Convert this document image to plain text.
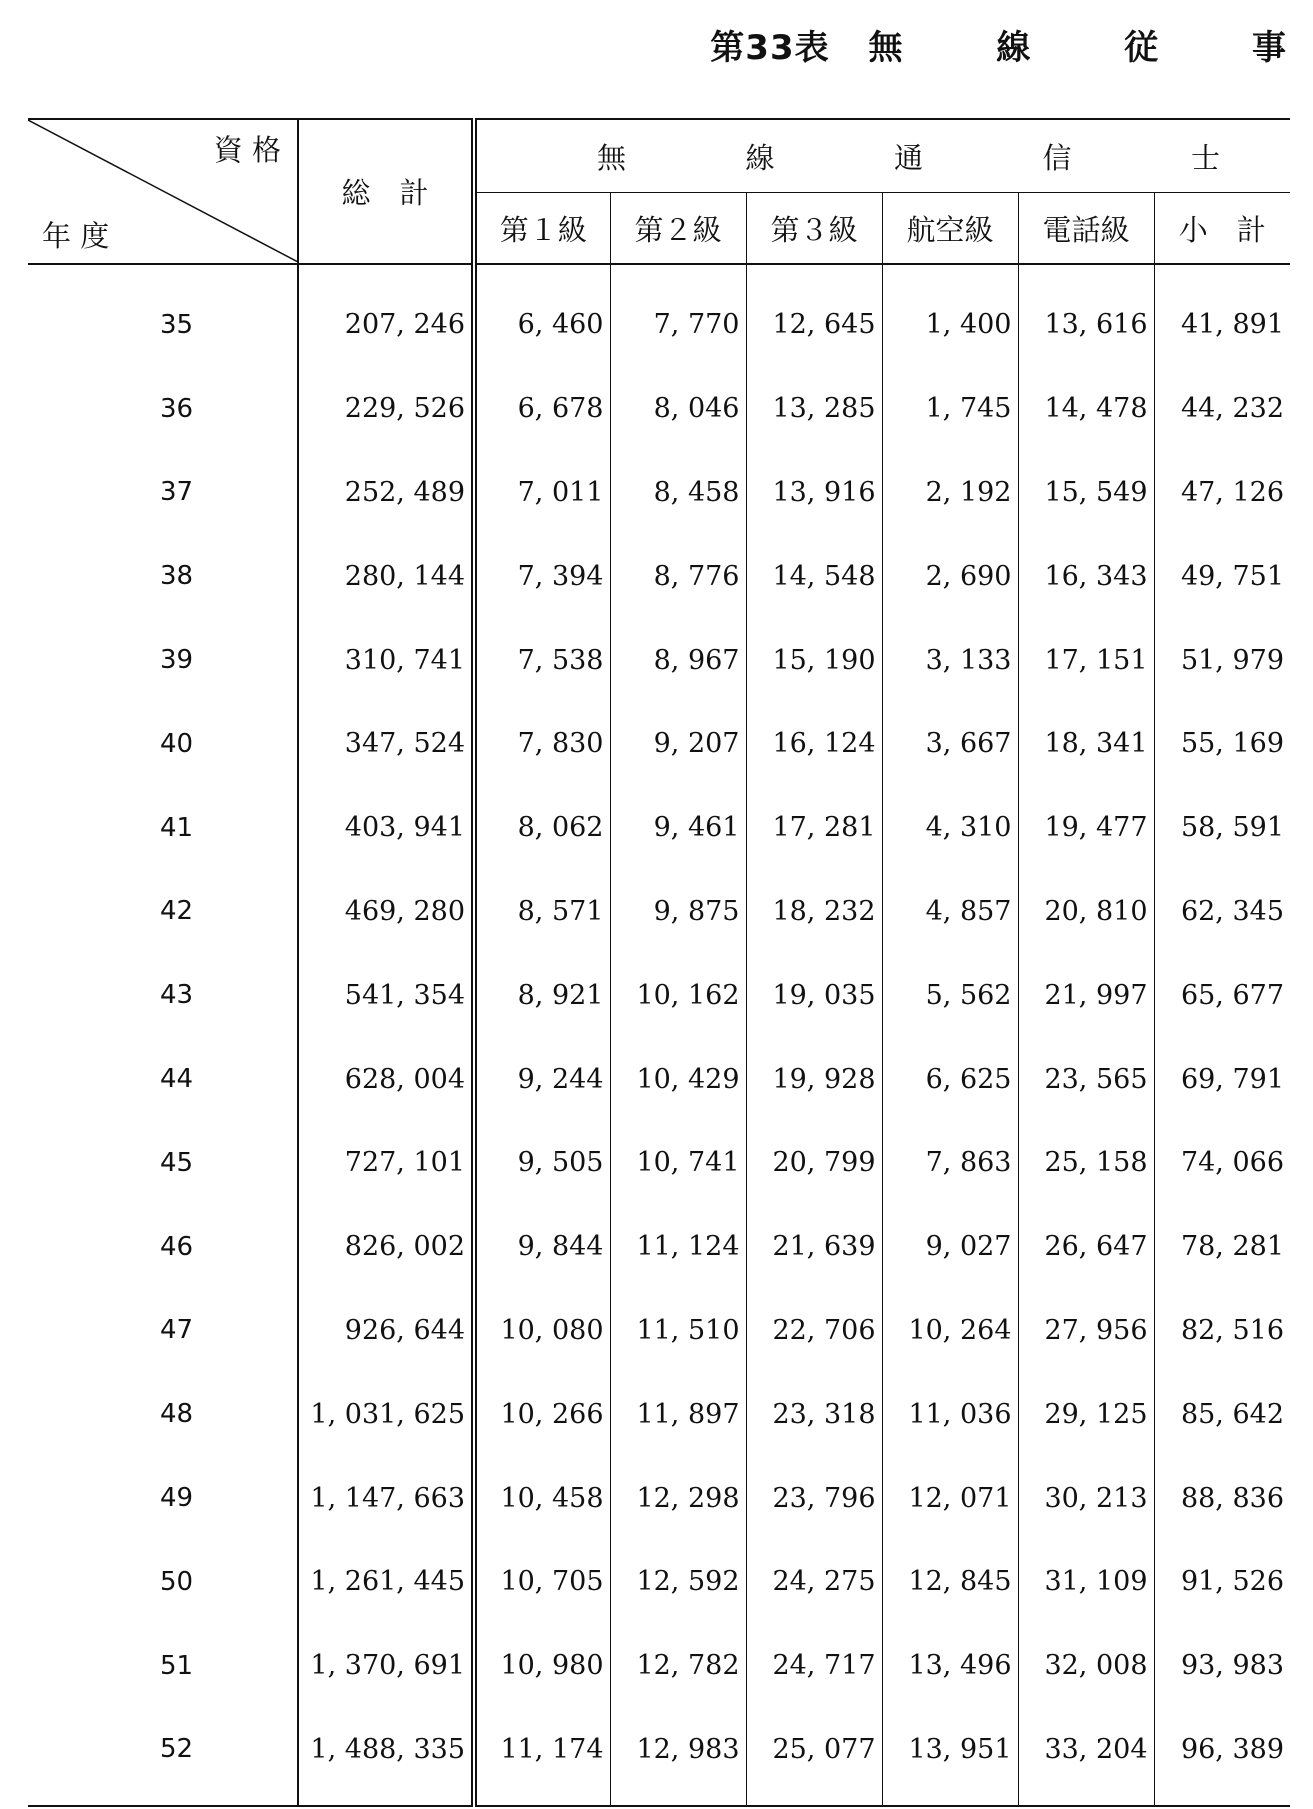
第33表 無	線	従	事
資 格
年 度	総　計	無 線 通 信 士					

		第１級	第２級	第３級	航空級	電話級	小　計
35	207, 246	6, 460	7, 770	12, 645	1, 400	13, 616	41, 891
36	229, 526	6, 678	8, 046	13, 285	1, 745	14, 478	44, 232
37	252, 489	7, 011	8, 458	13, 916	2, 192	15, 549	47, 126
38	280, 144	7, 394	8, 776	14, 548	2, 690	16, 343	49, 751
39	310, 741	7, 538	8, 967	15, 190	3, 133	17, 151	51, 979
40	347, 524	7, 830	9, 207	16, 124	3, 667	18, 341	55, 169
41	403, 941	8, 062	9, 461	17, 281	4, 310	19, 477	58, 591
42	469, 280	8, 571	9, 875	18, 232	4, 857	20, 810	62, 345
43	541, 354	8, 921	10, 162	19, 035	5, 562	21, 997	65, 677
44	628, 004	9, 244	10, 429	19, 928	6, 625	23, 565	69, 791
45	727, 101	9, 505	10, 741	20, 799	7, 863	25, 158	74, 066
46	826, 002	9, 844	11, 124	21, 639	9, 027	26, 647	78, 281
47	926, 644	10, 080	11, 510	22, 706	10, 264	27, 956	82, 516
48	1, 031, 625	10, 266	11, 897	23, 318	11, 036	29, 125	85, 642
49	1, 147, 663	10, 458	12, 298	23, 796	12, 071	30, 213	88, 836
50	1, 261, 445	10, 705	12, 592	24, 275	12, 845	31, 109	91, 526
51	1, 370, 691	10, 980	12, 782	24, 717	13, 496	32, 008	93, 983
52	1, 488, 335	11, 174	12, 983	25, 077	13, 951	33, 204	96, 389
